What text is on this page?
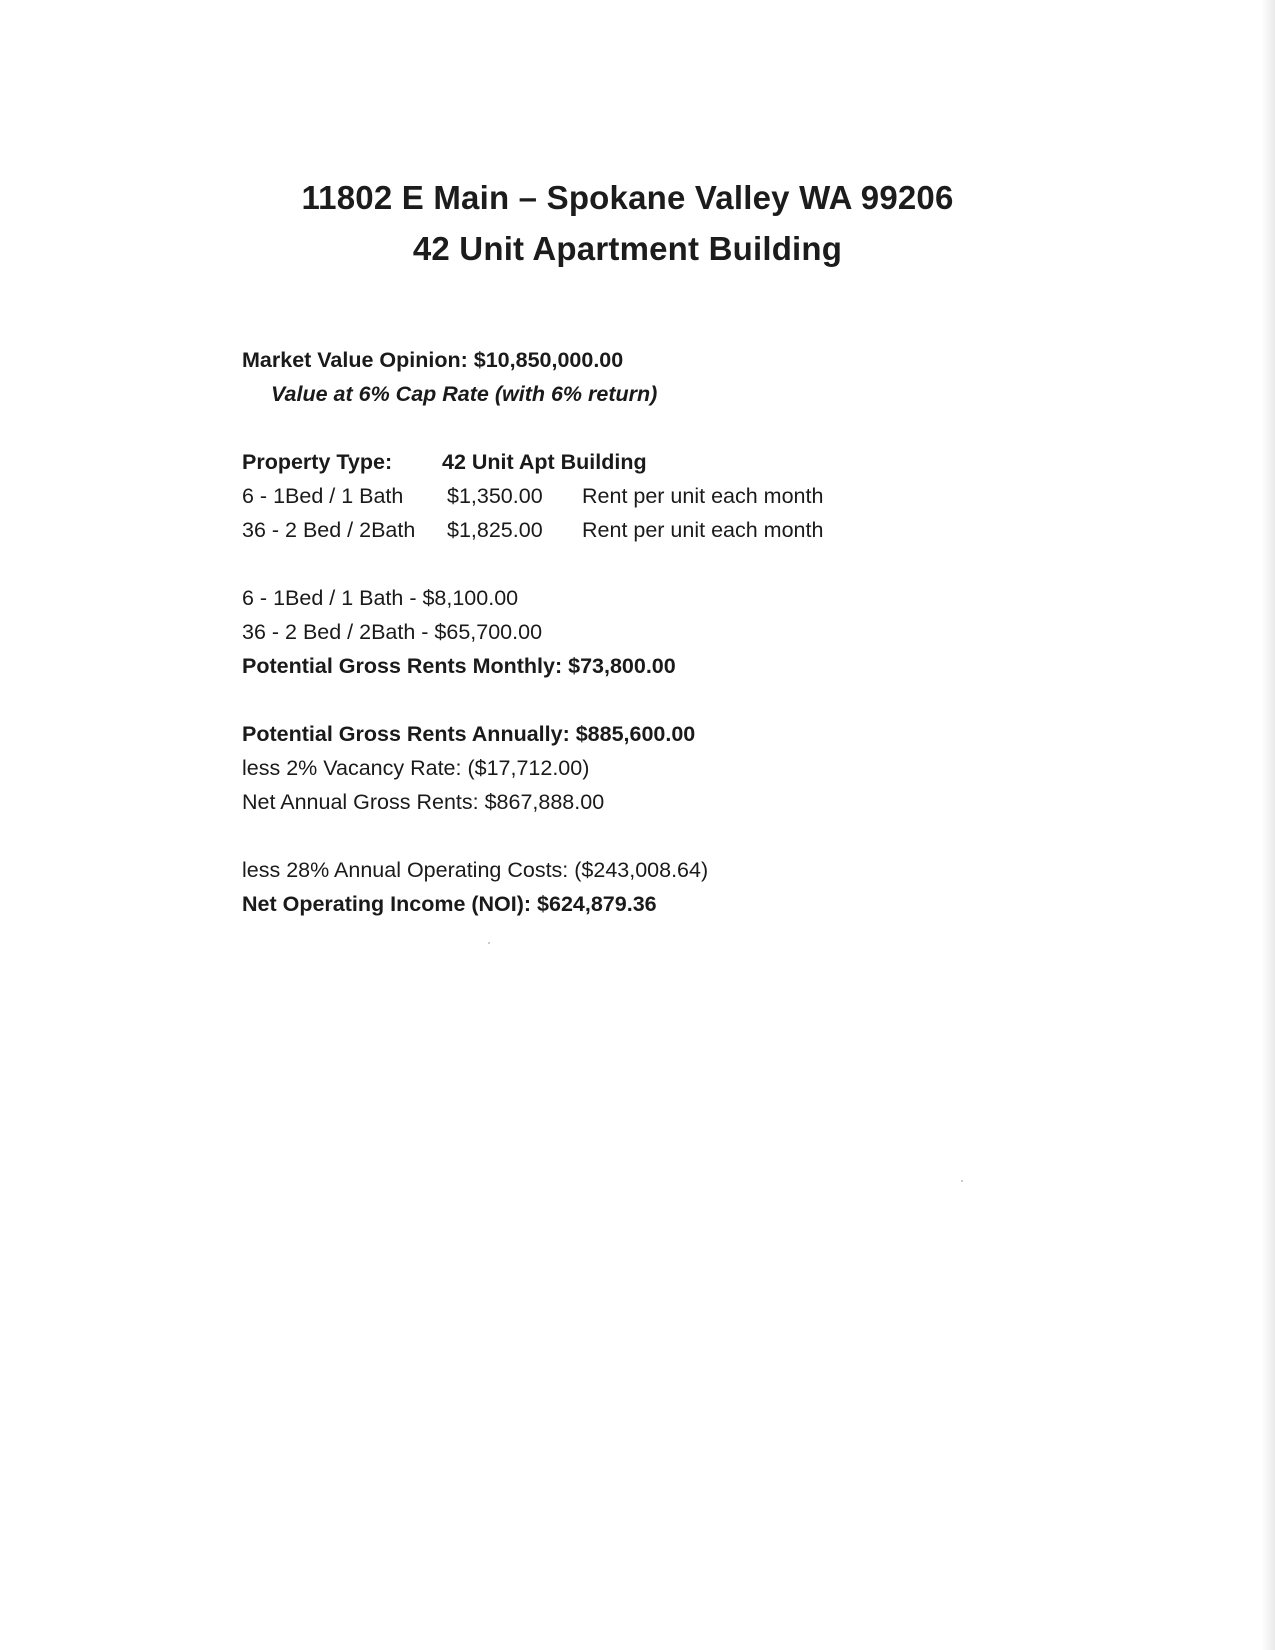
11802 E Main – Spokane Valley WA 99206
42 Unit Apartment Building
Market Value Opinion: $10,850,000.00
Value at 6% Cap Rate (with 6% return)
Property Type: 42 Unit Apt Building
6 - 1Bed / 1 Bath $1,350.00 Rent per unit each month
36 - 2 Bed / 2Bath $1,825.00 Rent per unit each month
6 - 1Bed / 1 Bath - $8,100.00
36 - 2 Bed / 2Bath - $65,700.00
Potential Gross Rents Monthly: $73,800.00
Potential Gross Rents Annually: $885,600.00
less 2% Vacancy Rate: ($17,712.00)
Net Annual Gross Rents: $867,888.00
less 28% Annual Operating Costs: ($243,008.64)
Net Operating Income (NOI): $624,879.36
